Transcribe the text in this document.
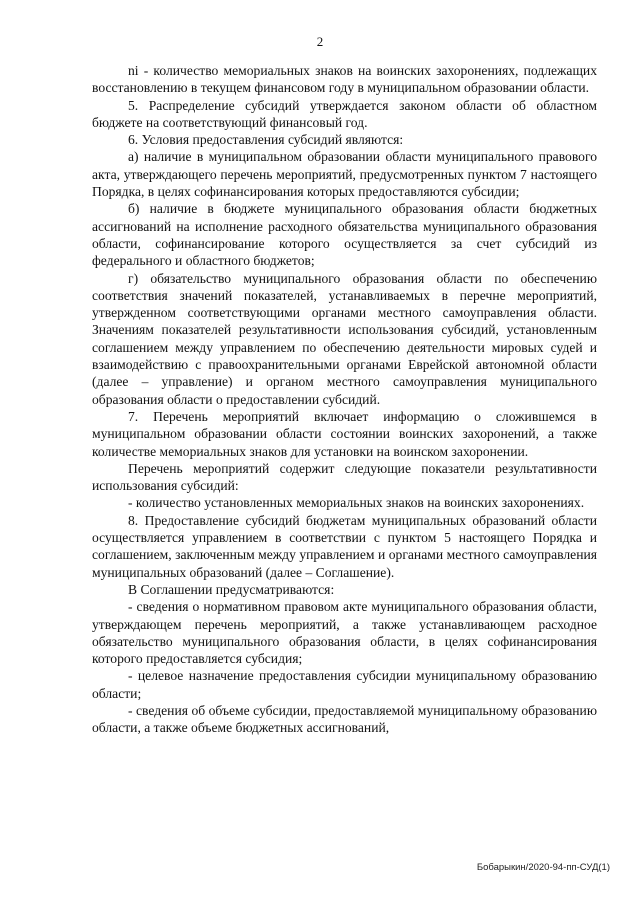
2

ni - количество мемориальных знаков на воинских захоронениях, подлежащих восстановлению в текущем финансовом году в муниципальном образовании области.

5. Распределение субсидий утверждается законом области об областном бюджете на соответствующий финансовый год.

6. Условия предоставления субсидий являются:

а) наличие в муниципальном образовании области муниципального правового акта, утверждающего перечень мероприятий, предусмотренных пунктом 7 настоящего Порядка, в целях софинансирования которых предоставляются субсидии;

б) наличие в бюджете муниципального образования области бюджетных ассигнований на исполнение расходного обязательства муниципального образования области, софинансирование которого осуществляется за счет субсидий из федерального и областного бюджетов;

г) обязательство муниципального образования области по обеспечению соответствия значений показателей, устанавливаемых в перечне мероприятий, утвержденном соответствующими органами местного самоуправления области. Значениям показателей результативности использования субсидий, установленным соглашением между управлением по обеспечению деятельности мировых судей и взаимодействию с правоохранительными органами Еврейской автономной области (далее – управление) и органом местного самоуправления муниципального образования области о предоставлении субсидий.

7. Перечень мероприятий включает информацию о сложившемся в муниципальном образовании области состоянии воинских захоронений, а также количестве мемориальных знаков для установки на воинском захоронении.

Перечень мероприятий содержит следующие показатели результативности использования субсидий:

- количество установленных мемориальных знаков на воинских захоронениях.

8. Предоставление субсидий бюджетам муниципальных образований области осуществляется управлением в соответствии с пунктом 5 настоящего Порядка и соглашением, заключенным между управлением и органами местного самоуправления муниципальных образований (далее – Соглашение).

В Соглашении предусматриваются:

- сведения о нормативном правовом акте муниципального образования области, утверждающем перечень мероприятий, а также устанавливающем расходное обязательство муниципального образования области, в целях софинансирования которого предоставляется субсидия;

- целевое назначение предоставления субсидии муниципальному образованию области;

- сведения об объеме субсидии, предоставляемой муниципальному образованию области, а также объеме бюджетных ассигнований,

Бобарыкин/2020-94-пп-СУД(1)
